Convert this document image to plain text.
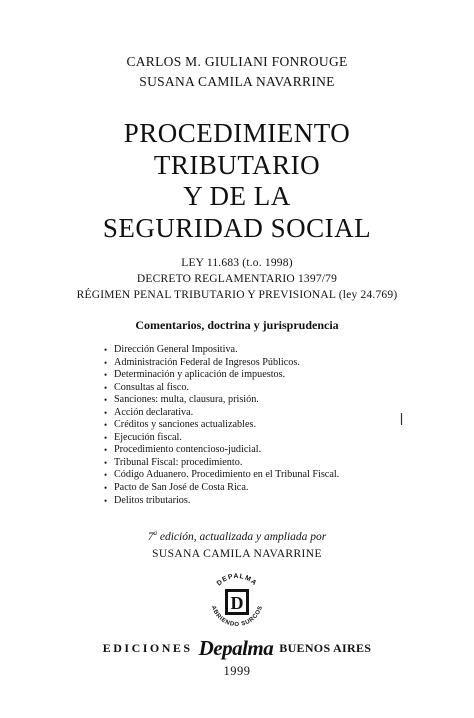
CARLOS M. GIULIANI FONROUGE
SUSANA CAMILA NAVARRINE
PROCEDIMIENTO
TRIBUTARIO
Y DE LA
SEGURIDAD SOCIAL
LEY 11.683 (t.o. 1998)
DECRETO REGLAMENTARIO 1397/79
RÉGIMEN PENAL TRIBUTARIO Y PREVISIONAL (ley 24.769)
Comentarios, doctrina y jurisprudencia
• Dirección General Impositiva.
• Administración Federal de Ingresos Públicos.
• Determinación y aplicación de impuestos.
• Consultas al fisco.
• Sanciones: multa, clausura, prisión.
• Acción declarativa.
• Créditos y sanciones actualizables.
• Ejecución fiscal.
• Procedimiento contencioso-judicial.
• Tribunal Fiscal: procedimiento.
• Código Aduanero. Procedimiento en el Tribunal Fiscal.
• Pacto de San José de Costa Rica.
• Delitos tributarios.
7$^a$ edición, actualizada y ampliada por
SUSANA CAMILA NAVARRINE
DEPALMA
ABRIENDO SURCOS
D
EDICIONES Depalma BUENOS AIRES
1999
